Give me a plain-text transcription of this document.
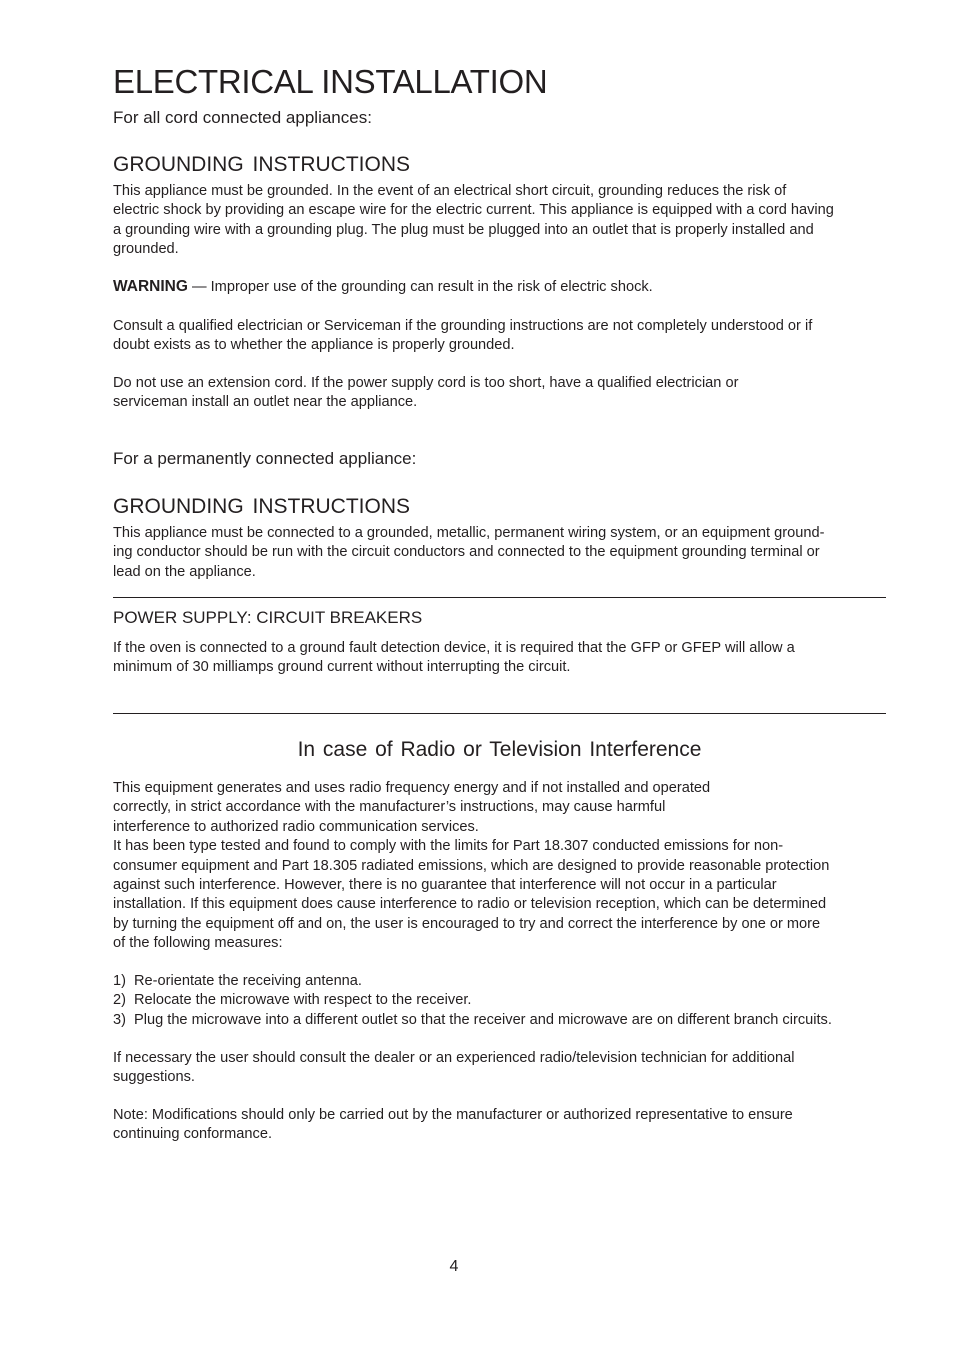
ELECTRICAL INSTALLATION

For all cord connected appliances:

GROUNDING INSTRUCTIONS

This appliance must be grounded. In the event of an electrical short circuit, grounding reduces the risk of
electric shock by providing an escape wire for the electric current. This appliance is equipped with a cord having
a grounding wire with a grounding plug. The plug must be plugged into an outlet that is properly installed and
grounded.

WARNING — Improper use of the grounding can result in the risk of electric shock.

Consult a qualified electrician or Serviceman if the grounding instructions are not completely understood or if
doubt exists as to whether the appliance is properly grounded.

Do not use an extension cord. If the power supply cord is too short, have a qualified electrician or
serviceman install an outlet near the appliance.

For a permanently connected appliance:

GROUNDING INSTRUCTIONS

This appliance must be connected to a grounded, metallic, permanent wiring system, or an equipment ground-
ing conductor should be run with the circuit conductors and connected to the equipment grounding terminal or
lead on the appliance.

POWER SUPPLY: CIRCUIT BREAKERS

If the oven is connected to a ground fault detection device, it is required that the GFP or GFEP will allow a
minimum of 30 milliamps ground current without interrupting the circuit.

In case of Radio or Television Interference

This equipment generates and uses radio frequency energy and if not installed and operated
correctly, in strict accordance with the manufacturer’s instructions, may cause harmful
interference to authorized radio communication services.
It has been type tested and found to comply with the limits for Part 18.307 conducted emissions for non-
consumer equipment and Part 18.305 radiated emissions, which are designed to provide reasonable protection
against such interference. However, there is no guarantee that interference will not occur in a particular
installation. If this equipment does cause interference to radio or television reception, which can be determined
by turning the equipment off and on, the user is encouraged to try and correct the interference by one or more
of the following measures:

1) Re-orientate the receiving antenna.
2) Relocate the microwave with respect to the receiver.
3) Plug the microwave into a different outlet so that the receiver and microwave are on different branch circuits.

If necessary the user should consult the dealer or an experienced radio/television technician for additional
suggestions.

Note: Modifications should only be carried out by the manufacturer or authorized representative to ensure
continuing conformance.

4
